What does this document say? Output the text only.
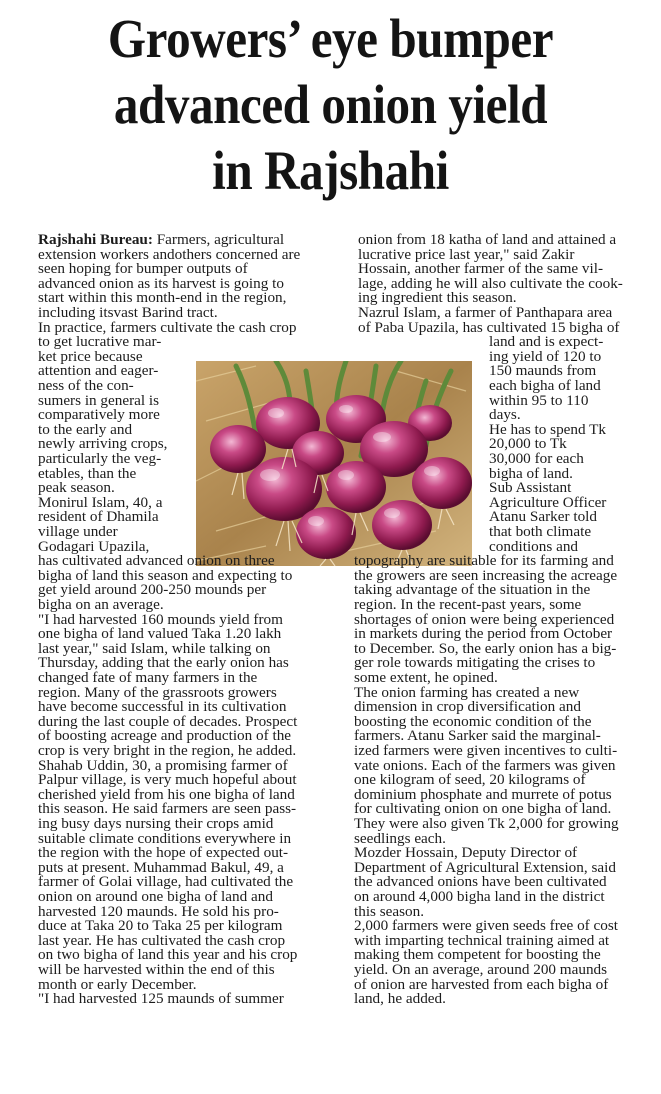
Growers’ eye bumper
advanced onion yield
in Rajshahi

Rajshahi Bureau: Farmers, agricultural

extension workers andothers concerned are

seen hoping for bumper outputs of

advanced onion as its harvest is going to

start within this month-end in the region,

including itsvast Barind tract.

In practice, farmers cultivate the cash crop

to get lucrative mar-

ket price because

attention and eager-

ness of the con-

sumers in general is

comparatively more

to the early and

newly arriving crops,

particularly the veg-

etables, than the

peak season.

Monirul Islam, 40, a

resident of Dhamila

village under

Godagari Upazila,

has cultivated advanced onion on three

bigha of land this season and expecting to

get yield around 200-250 mounds per

bigha on an average.

"I had harvested 160 mounds yield from

one bigha of land valued Taka 1.20 lakh

last year," said Islam, while talking on

Thursday, adding that the early onion has

changed fate of many farmers in the

region. Many of the grassroots growers

have become successful in its cultivation

during the last couple of decades. Prospect

of boosting acreage and production of the

crop is very bright in the region, he added.

Shahab Uddin, 30, a promising farmer of

Palpur village, is very much hopeful about

cherished yield from his one bigha of land

this season. He said farmers are seen pass-

ing busy days nursing their crops amid

suitable climate conditions everywhere in

the region with the hope of expected out-

puts at present. Muhammad Bakul, 49, a

farmer of Golai village, had cultivated the

onion on around one bigha of land and

harvested 120 maunds. He sold his pro-

duce at Taka 20 to Taka 25 per kilogram

last year. He has cultivated the cash crop

on two bigha of land this year and his crop

will be harvested within the end of this

month or early December.

"I had harvested 125 maunds of summer

onion from 18 katha of land and attained a

lucrative price last year," said Zakir

Hossain, another farmer of the same vil-

lage, adding he will also cultivate the cook-

ing ingredient this season.

Nazrul Islam, a farmer of Panthapara area

of Paba Upazila, has cultivated 15 bigha of

land and is expect-

ing yield of 120 to

150 maunds from

each bigha of land

within 95 to 110

days.

He has to spend Tk

20,000 to Tk

30,000 for each

bigha of land.

Sub Assistant

Agriculture Officer

Atanu Sarker told

that both climate

conditions and

topography are suitable for its farming and

the growers are seen increasing the acreage

taking advantage of the situation in the

region. In the recent-past years, some

shortages of onion were being experienced

in markets during the period from October

to December. So, the early onion has a big-

ger role towards mitigating the crises to

some extent, he opined.

The onion farming has created a new

dimension in crop diversification and

boosting the economic condition of the

farmers. Atanu Sarker said the marginal-

ized farmers were given incentives to culti-

vate onions. Each of the farmers was given

one kilogram of seed, 20 kilograms of

dominium phosphate and murrete of potus

for cultivating onion on one bigha of land.

They were also given Tk 2,000 for growing

seedlings each.

Mozder Hossain, Deputy Director of

Department of Agricultural Extension, said

the advanced onions have been cultivated

on around 4,000 bigha land in the district

this season.

2,000 farmers were given seeds free of cost

with imparting technical training aimed at

making them competent for boosting the

yield. On an average, around 200 maunds

of onion are harvested from each bigha of

land, he added.
